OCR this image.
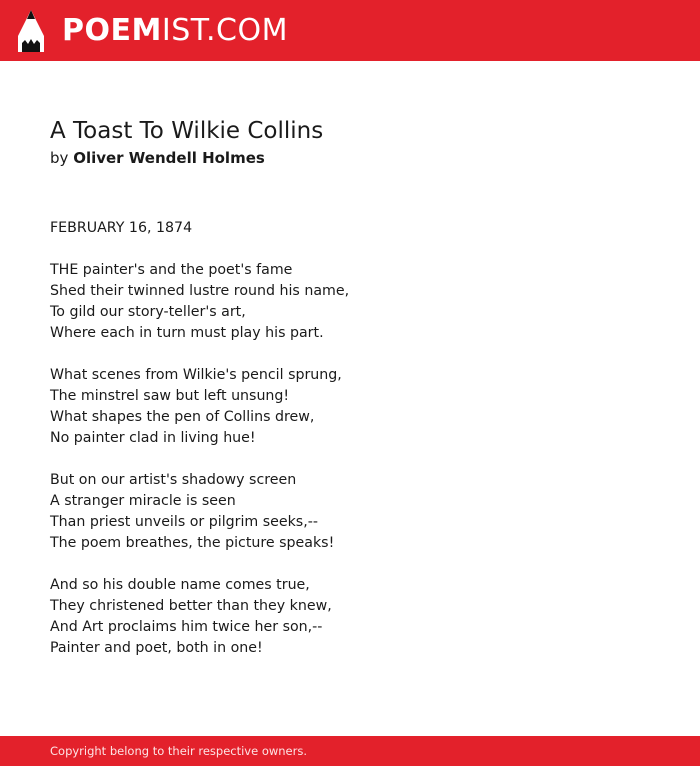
POEMIST.COM
A Toast To Wilkie Collins
by Oliver Wendell Holmes
FEBRUARY 16, 1874
THE painter's and the poet's fame
Shed their twinned lustre round his name,
To gild our story-teller's art,
Where each in turn must play his part.
What scenes from Wilkie's pencil sprung,
The minstrel saw but left unsung!
What shapes the pen of Collins drew,
No painter clad in living hue!
But on our artist's shadowy screen
A stranger miracle is seen
Than priest unveils or pilgrim seeks,--
The poem breathes, the picture speaks!
And so his double name comes true,
They christened better than they knew,
And Art proclaims him twice her son,--
Painter and poet, both in one!
Copyright belong to their respective owners.
